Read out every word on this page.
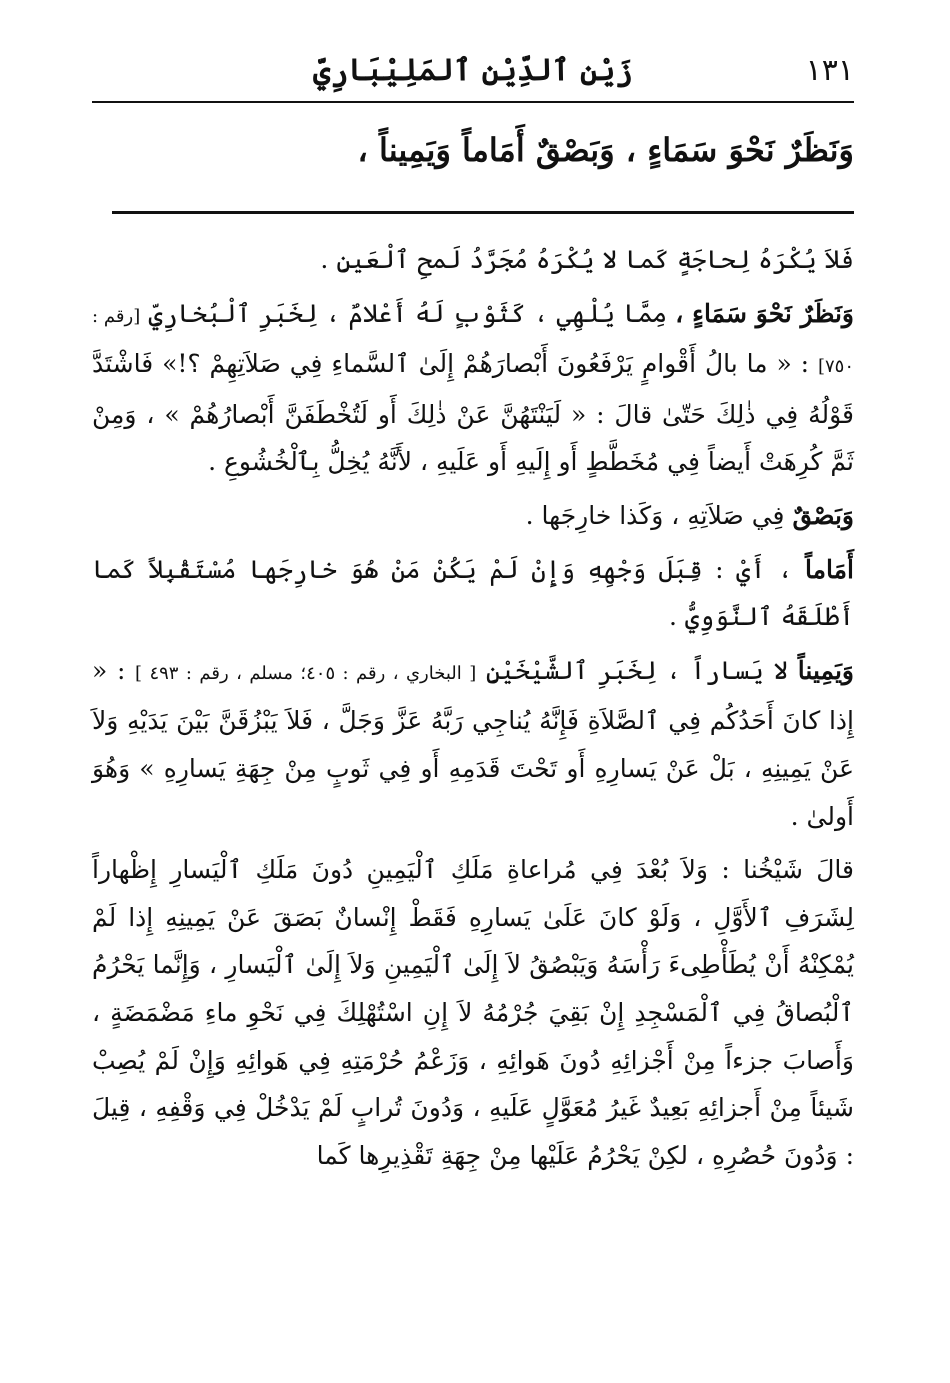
١٣١
زَيْن ٱلدِّيْن ٱلمَلِيْبَارِيّ
وَنَظَرٌ نَحْوَ سَمَاءٍ ، وَبَصْقٌ أَمَاماً وَيَمِيناً ،

فَلاَ يُكْرَهُ لِحاجَةٍ كَما لا يُكْرَهُ مُجَرَّدُ لَمحِ ٱلْعَينِ .

وَنَظَرٌ نَحْوَ سَمَاءٍ ، مِمَّا يُلْهِي ، كَثَوْبٍ لَهُ أَعْلامٌ ، لِخَبَرِ ٱلْبُخارِيِّ [رقم : ٧٥٠] : « ما بالُ أَقْوامٍ يَرْفَعُونَ أَبْصارَهُمْ إِلَىٰ ٱلسَّماءِ فِي صَلاَتِهِمْ ؟!» فَاشْتَدَّ قَوْلُهُ فِي ذٰلِكَ حَتّىٰ قالَ : « لَيَنْتَهُنَّ عَنْ ذٰلِكَ أَو لَتُخْطَفَنَّ أَبْصارُهُمْ » ، وَمِنْ ثَمَّ كُرِهَتْ أَيضاً فِي مُخَطَّطٍ أَو إِلَيهِ أَو عَلَيهِ ، لأَنَّهُ يُخِلُّ بِٱلْخُشُوعِ .

وَبَصْقٌ فِي صَلاَتِهِ ، وَكَذا خارِجَها .

أَمَاماً ، أَيْ : قِبَلَ وَجْهِهِ وَإِنْ لَمْ يَكُنْ مَنْ هُوَ خارِجَها مُسْتَقْبِلاً كَما أَطْلَقَهُ ٱلنَّوَوِيُّ .

وَيَمِيناً لا يَساراً ، لِخَبَرِ ٱلشَّيْخَيْنِ [ البخاري ، رقم : ٤٠٥؛ مسلم ، رقم : ٤٩٣ ] : « إِذا كانَ أَحَدُكُم فِي ٱلصَّلاَةِ فَإِنَّهُ يُناجِي رَبَّهُ عَزَّ وَجَلَّ ، فَلاَ يَبْزُقَنَّ بَيْنَ يَدَيْهِ وَلاَ عَنْ يَمِينِهِ ، بَلْ عَنْ يَسارِهِ أَو تَحْتَ قَدَمِهِ أَو فِي ثَوبٍ مِنْ جِهَةِ يَسارِهِ » وَهُوَ أَولىٰ .

قالَ شَيْخُنا : وَلاَ بُعْدَ فِي مُراعاةِ مَلَكِ ٱلْيَمِينِ دُونَ مَلَكِ ٱلْيَسارِ إِظْهاراً لِشَرَفِ ٱلأَوَّلِ ، وَلَوْ كانَ عَلَىٰ يَسارِهِ فَقَطْ إِنْسانٌ بَصَقَ عَنْ يَمِينِهِ إِذا لَمْ يُمْكِنْهُ أَنْ يُطَأْطِىءَ رَأْسَهُ وَيَبْصُقُ لاَ إِلَىٰ ٱلْيَمِينِ وَلاَ إِلَىٰ ٱلْيَسارِ ، وَإِنَّما يَحْرُمُ ٱلْبُصاقُ فِي ٱلْمَسْجِدِ إِنْ بَقِيَ جُرْمُهُ لاَ إِنِ اسْتُهْلِكَ فِي نَحْوِ ماءِ مَضْمَضَةٍ ، وَأَصابَ جزءاً مِنْ أَجْزائِهِ دُونَ هَوائِهِ ، وَزَعْمُ حُرْمَتِهِ فِي هَوائِهِ وَإِنْ لَمْ يُصِبْ شَيئاً مِنْ أَجزائِهِ بَعِيدٌ غَيرُ مُعَوَّلٍ عَلَيهِ ، وَدُونَ تُرابٍ لَمْ يَدْخُلْ فِي وَقْفِهِ ، قِيلَ : وَدُونَ حُصُرِهِ ، لكِنْ يَحْرُمُ عَلَيْها مِنْ جِهَةِ تَقْذِيرِها كَما
